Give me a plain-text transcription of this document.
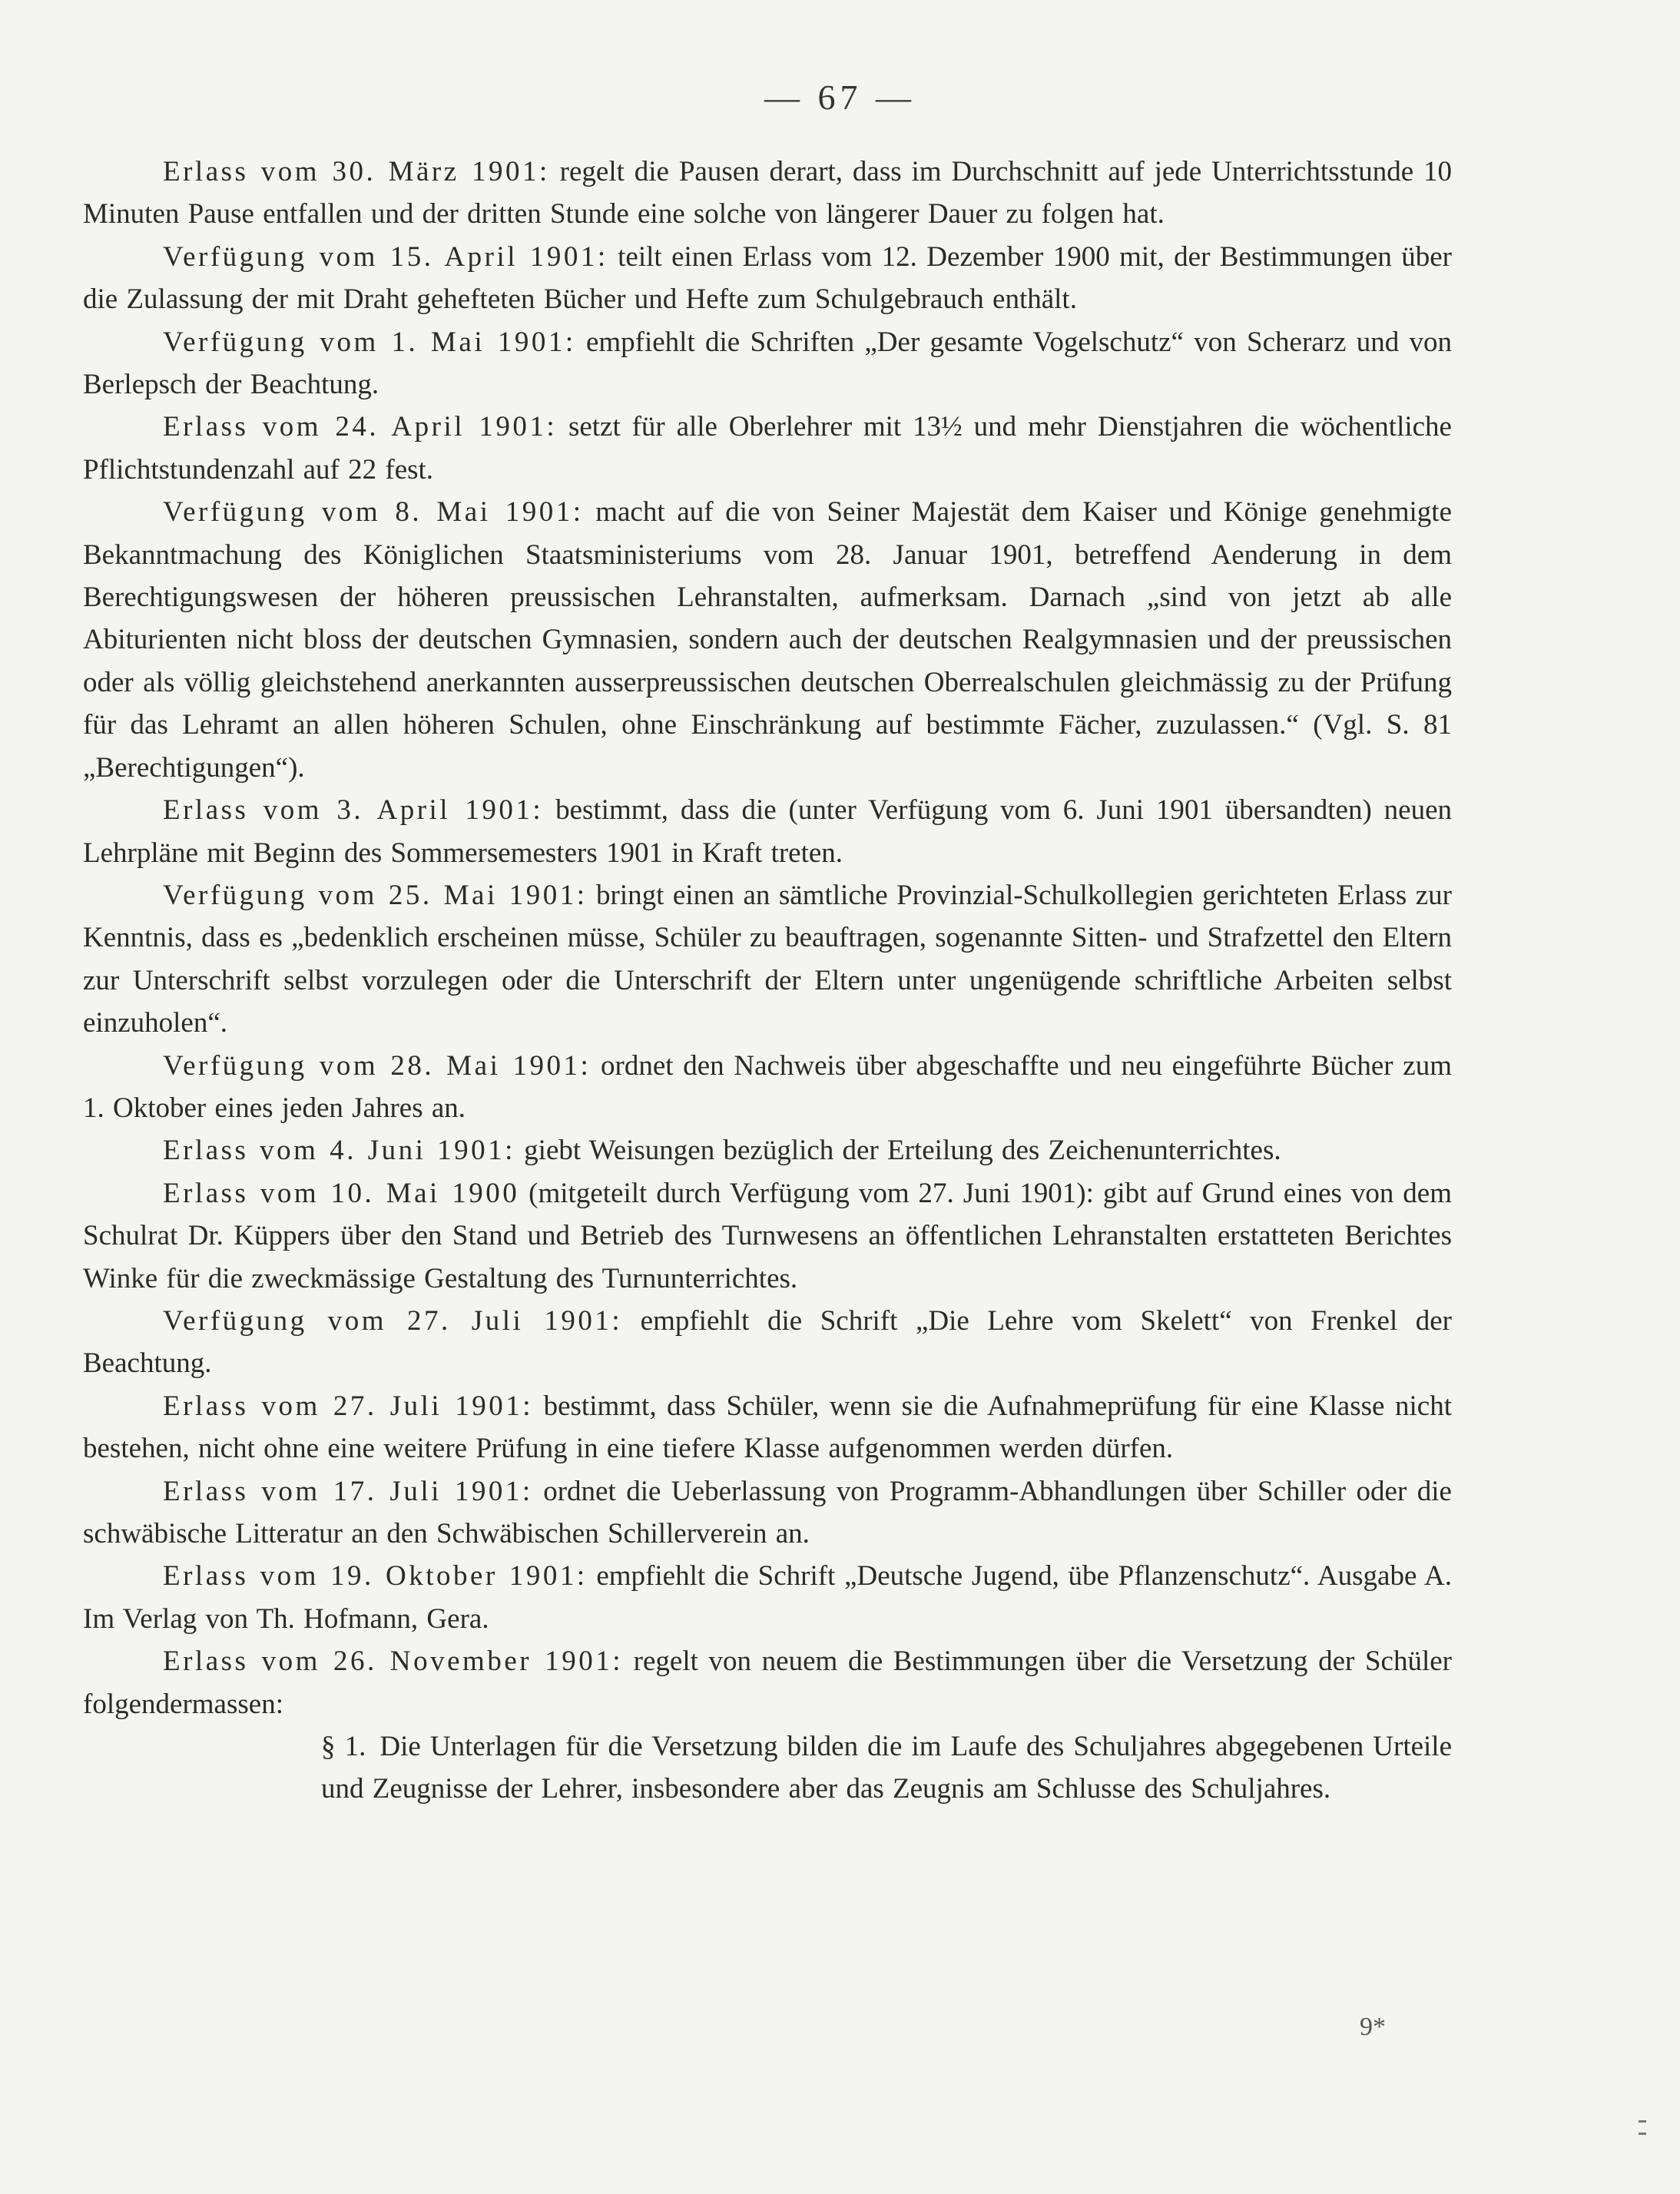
— 67 —

Erlass vom 30. März 1901: regelt die Pausen derart, dass im Durchschnitt auf jede Unterrichtsstunde 10 Minuten Pause entfallen und der dritten Stunde eine solche von längerer Dauer zu folgen hat.

Verfügung vom 15. April 1901: teilt einen Erlass vom 12. Dezember 1900 mit, der Bestimmungen über die Zulassung der mit Draht gehefteten Bücher und Hefte zum Schulgebrauch enthält.

Verfügung vom 1. Mai 1901: empfiehlt die Schriften „Der gesamte Vogelschutz“ von Scherarz und von Berlepsch der Beachtung.

Erlass vom 24. April 1901: setzt für alle Oberlehrer mit 13½ und mehr Dienstjahren die wöchentliche Pflichtstundenzahl auf 22 fest.

Verfügung vom 8. Mai 1901: macht auf die von Seiner Majestät dem Kaiser und Könige genehmigte Bekanntmachung des Königlichen Staatsministeriums vom 28. Januar 1901, betreffend Aenderung in dem Berechtigungswesen der höheren preussischen Lehranstalten, aufmerksam. Darnach „sind von jetzt ab alle Abiturienten nicht bloss der deutschen Gymnasien, sondern auch der deutschen Realgymnasien und der preussischen oder als völlig gleichstehend anerkannten ausserpreussischen deutschen Oberrealschulen gleichmässig zu der Prüfung für das Lehramt an allen höheren Schulen, ohne Einschränkung auf bestimmte Fächer, zuzulassen.“ (Vgl. S. 81 „Berechtigungen“).

Erlass vom 3. April 1901: bestimmt, dass die (unter Verfügung vom 6. Juni 1901 übersandten) neuen Lehrpläne mit Beginn des Sommersemesters 1901 in Kraft treten.

Verfügung vom 25. Mai 1901: bringt einen an sämtliche Provinzial-Schulkollegien gerichteten Erlass zur Kenntnis, dass es „bedenklich erscheinen müsse, Schüler zu beauftragen, sogenannte Sitten- und Strafzettel den Eltern zur Unterschrift selbst vorzulegen oder die Unterschrift der Eltern unter ungenügende schriftliche Arbeiten selbst einzuholen“.

Verfügung vom 28. Mai 1901: ordnet den Nachweis über abgeschaffte und neu eingeführte Bücher zum 1. Oktober eines jeden Jahres an.

Erlass vom 4. Juni 1901: giebt Weisungen bezüglich der Erteilung des Zeichenunterrichtes.

Erlass vom 10. Mai 1900 (mitgeteilt durch Verfügung vom 27. Juni 1901): gibt auf Grund eines von dem Schulrat Dr. Küppers über den Stand und Betrieb des Turnwesens an öffentlichen Lehranstalten erstatteten Berichtes Winke für die zweckmässige Gestaltung des Turnunterrichtes.

Verfügung vom 27. Juli 1901: empfiehlt die Schrift „Die Lehre vom Skelett“ von Frenkel der Beachtung.

Erlass vom 27. Juli 1901: bestimmt, dass Schüler, wenn sie die Aufnahmeprüfung für eine Klasse nicht bestehen, nicht ohne eine weitere Prüfung in eine tiefere Klasse aufgenommen werden dürfen.

Erlass vom 17. Juli 1901: ordnet die Ueberlassung von Programm-Abhandlungen über Schiller oder die schwäbische Litteratur an den Schwäbischen Schillerverein an.

Erlass vom 19. Oktober 1901: empfiehlt die Schrift „Deutsche Jugend, übe Pflanzenschutz“. Ausgabe A. Im Verlag von Th. Hofmann, Gera.

Erlass vom 26. November 1901: regelt von neuem die Bestimmungen über die Versetzung der Schüler folgendermassen:

§ 1. Die Unterlagen für die Versetzung bilden die im Laufe des Schuljahres abgegebenen Urteile und Zeugnisse der Lehrer, insbesondere aber das Zeugnis am Schlusse des Schuljahres.

9*
